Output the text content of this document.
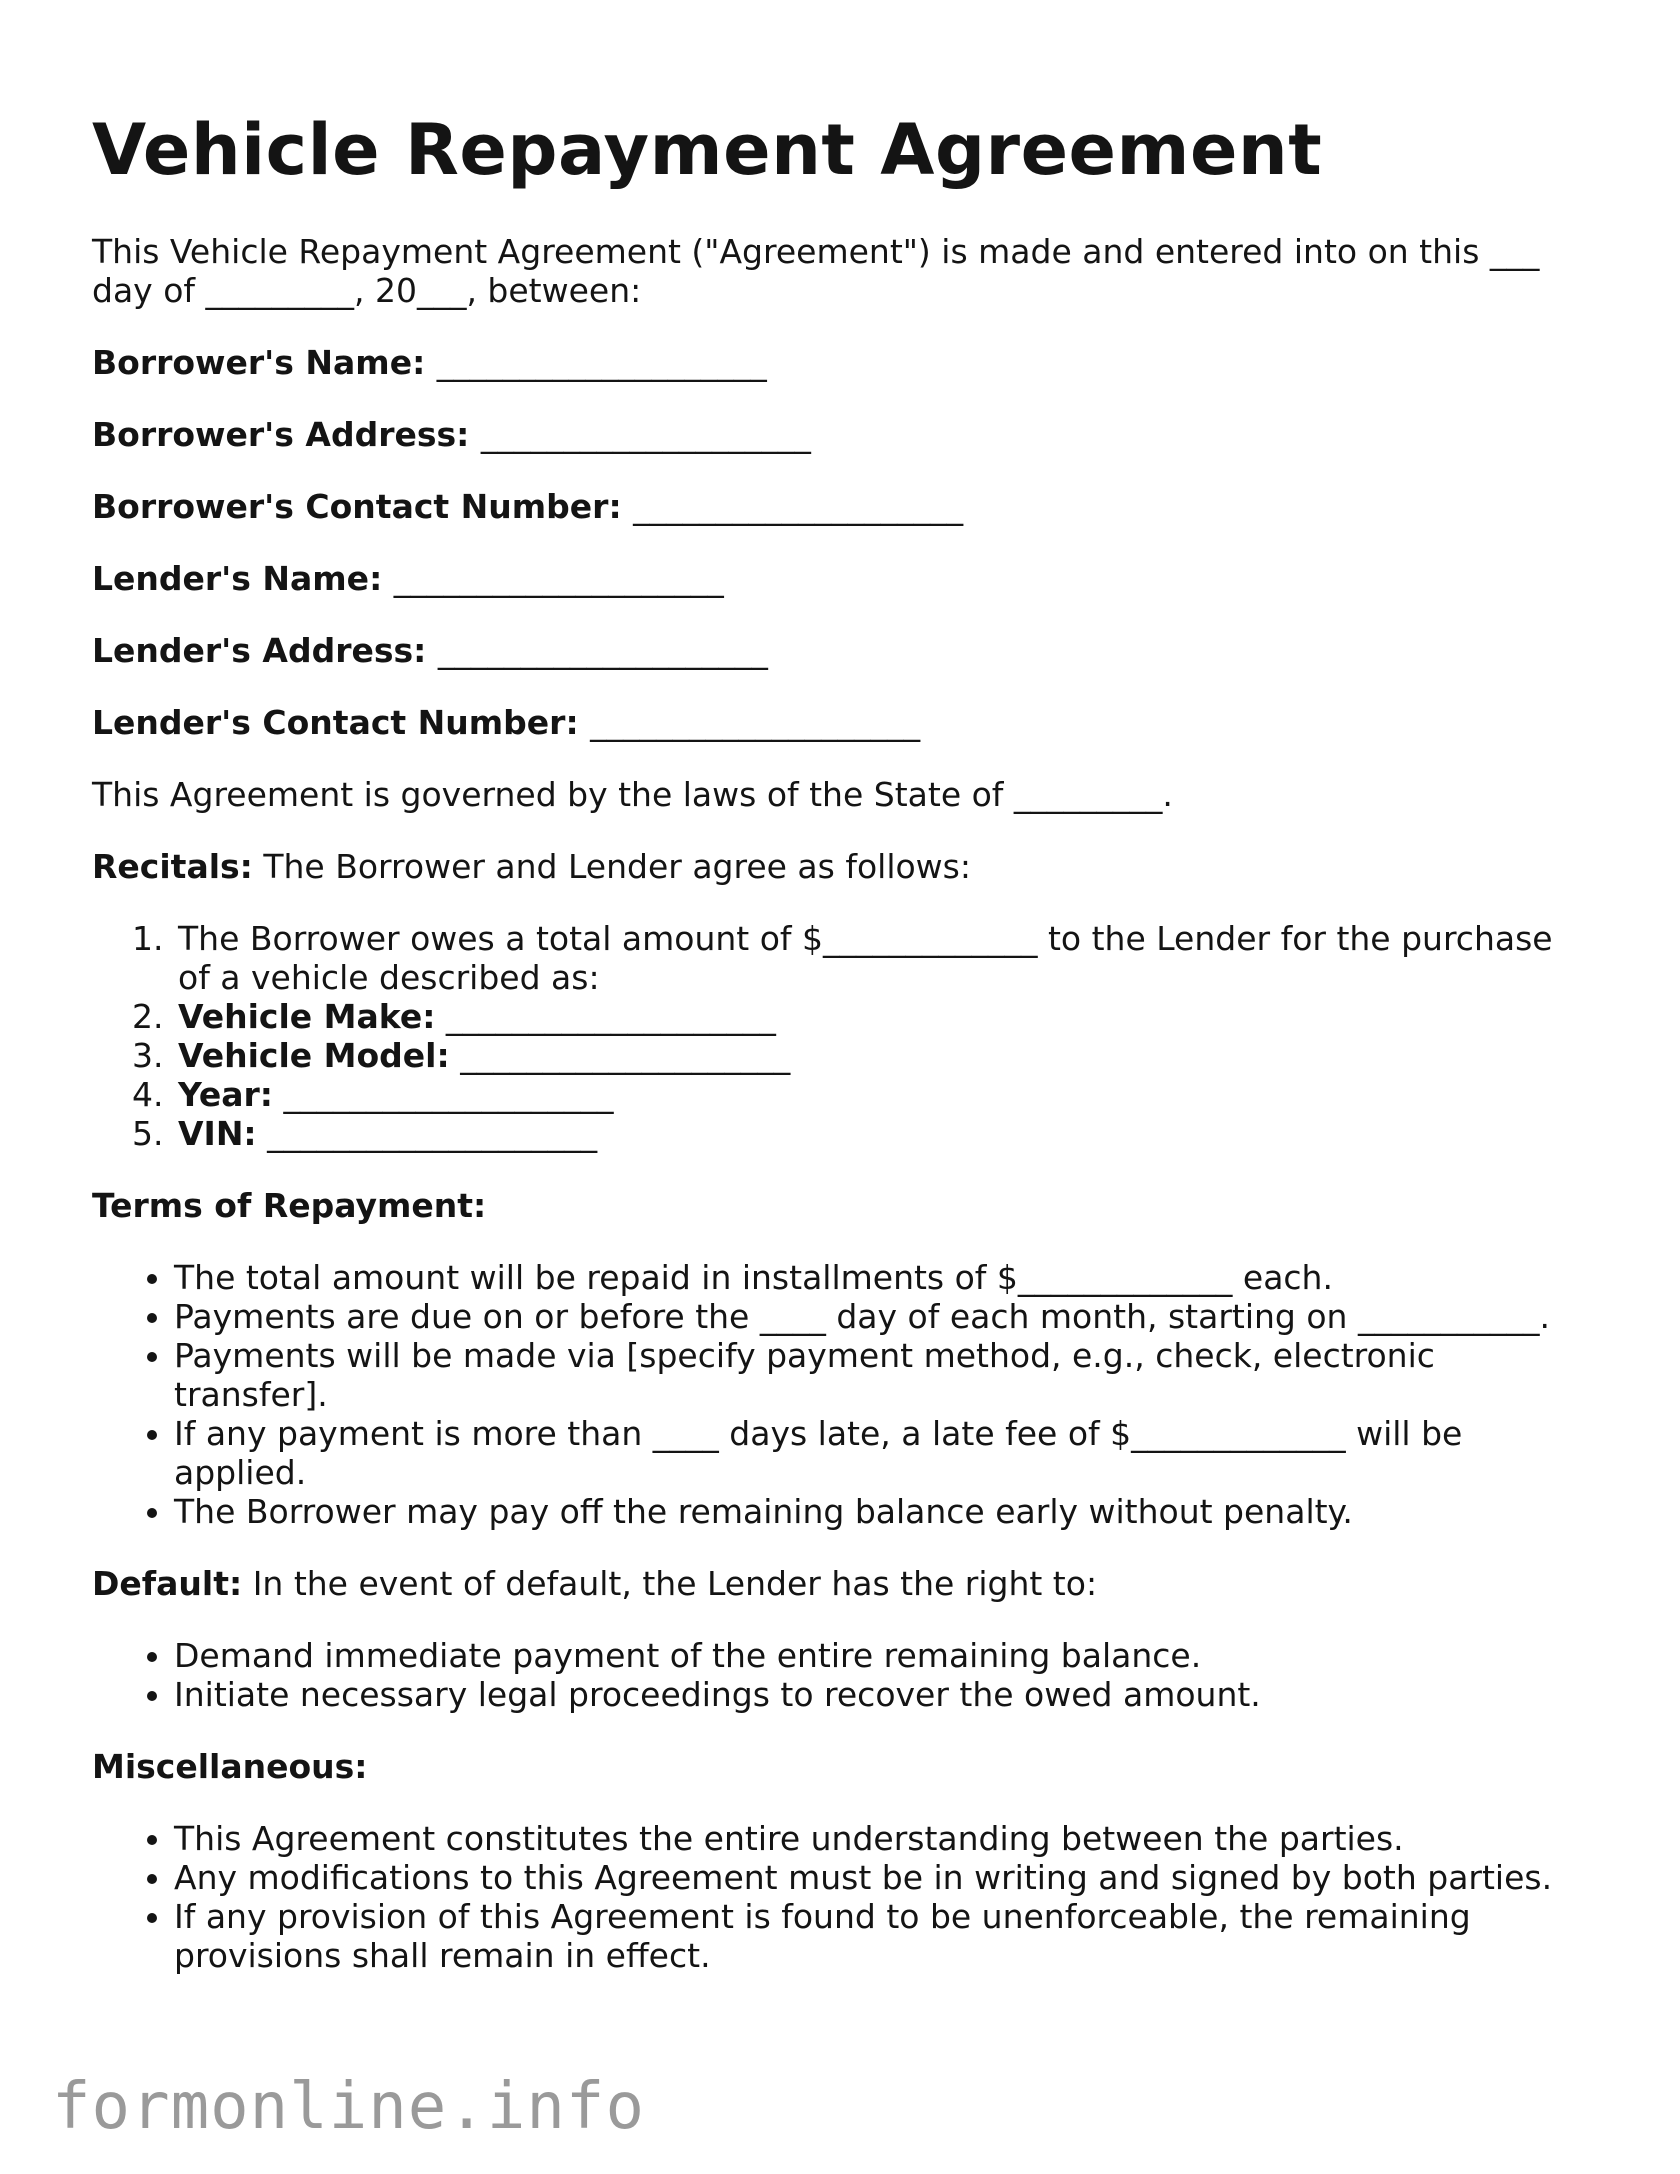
Vehicle Repayment Agreement

This Vehicle Repayment Agreement ("Agreement") is made and entered into on this ___ day of _________, 20___, between:

Borrower's Name: ____________________
Borrower's Address: ____________________
Borrower's Contact Number: ____________________
Lender's Name: ____________________
Lender's Address: ____________________
Lender's Contact Number: ____________________

This Agreement is governed by the laws of the State of _________.

Recitals: The Borrower and Lender agree as follows:

1. The Borrower owes a total amount of $_____________ to the Lender for the purchase of a vehicle described as:
2. Vehicle Make: ____________________
3. Vehicle Model: ____________________
4. Year: ____________________
5. VIN: ____________________

Terms of Repayment:

• The total amount will be repaid in installments of $_____________ each.
• Payments are due on or before the ____ day of each month, starting on ___________.
• Payments will be made via [specify payment method, e.g., check, electronic transfer].
• If any payment is more than ____ days late, a late fee of $_____________ will be applied.
• The Borrower may pay off the remaining balance early without penalty.

Default: In the event of default, the Lender has the right to:

• Demand immediate payment of the entire remaining balance.
• Initiate necessary legal proceedings to recover the owed amount.

Miscellaneous:

• This Agreement constitutes the entire understanding between the parties.
• Any modifications to this Agreement must be in writing and signed by both parties.
• If any provision of this Agreement is found to be unenforceable, the remaining provisions shall remain in effect.
formonline.info
